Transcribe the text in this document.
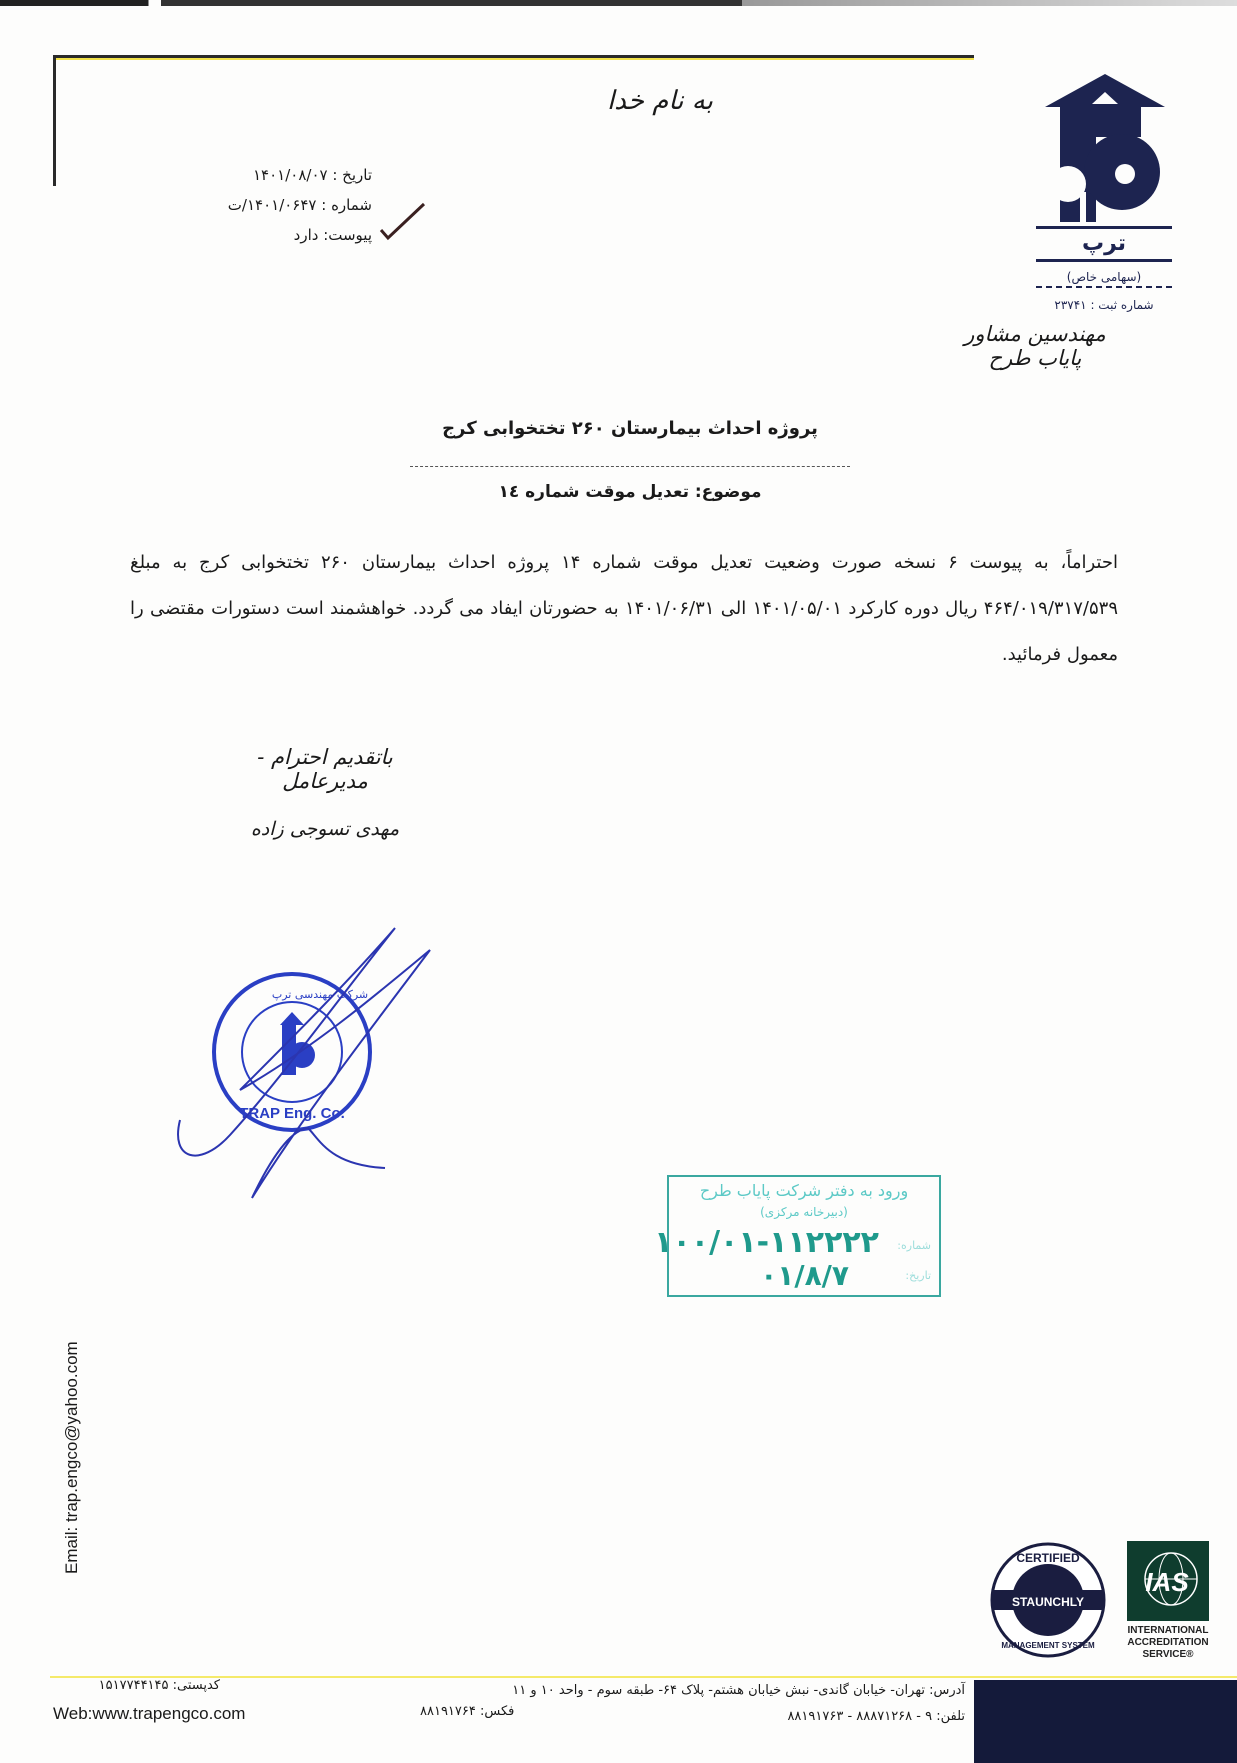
به نام خدا
تاریخ : ۱۴۰۱/۰۸/۰۷
شماره : ۱۴۰۱/۰۶۴۷/ت
پیوست: دارد	ترپ
(سهامی خاص)
شماره ثبت : ۲۳۷۴۱
مهندسین مشاور پایاب طرح
پروژه احداث بیمارستان ۲۶۰ تختخوابی کرج
موضوع: تعدیل موقت شماره ١٤
احتراماً، به پیوست ۶ نسخه صورت وضعیت تعدیل موقت شماره ۱۴ پروژه احداث بیمارستان ۲۶۰ تختخوابی کرج به مبلغ ۴۶۴/۰۱۹/۳۱۷/۵۳۹ ریال دوره کارکرد ۱۴۰۱/۰۵/۰۱ الی ۱۴۰۱/۰۶/۳۱ به حضورتان ایفاد می گردد. خواهشمند است دستورات مقتضی را معمول فرمائید.
باتقدیم احترام - مدیرعامل
مهدی تسوجی زاده
TRAP Eng. Co.
شرکت مهندسی ترپ
ورود به دفتر شرکت پایاب طرح
(دبیرخانه مرکزی)
شماره:
۱۰۰/۰۱-۱۱۲۲۲۲
تاریخ:
۰۱/۸/۷
Email: trap.engco@yahoo.com
STAUNCHLY
CERTIFIED
MANAGEMENT SYSTEM
IAS
INTERNATIONAL
ACCREDITATION
SERVICE®
آدرس: تهران- خیابان گاندی- نبش خیابان هشتم- پلاک ۶۴- طبقه سوم - واحد ۱۰ و ۱۱
تلفن: ۹ - ۸۸۸۷۱۲۶۸ - ۸۸۱۹۱۷۶۳
فکس: ۸۸۱۹۱۷۶۴
کدپستی: ۱۵۱۷۷۴۴۱۴۵
Web:www.trapengco.com
